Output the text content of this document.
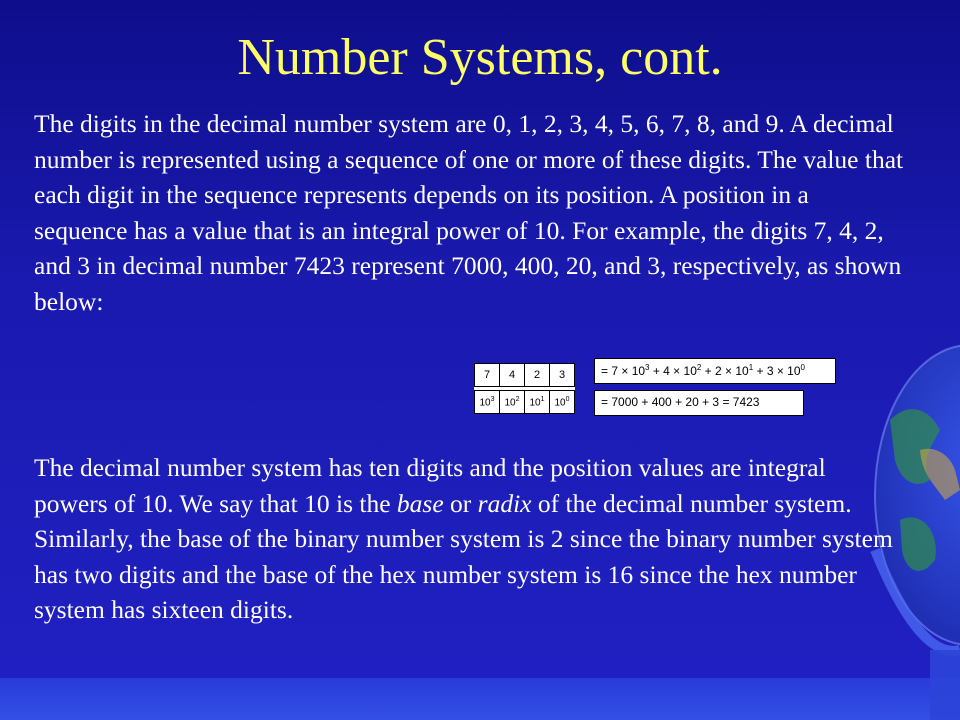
Number Systems, cont.

The digits in the decimal number system are 0, 1, 2, 3, 4, 5, 6, 7, 8, and 9. A decimal number is represented using a sequence of one or more of these digits. The value that each digit in the sequence represents depends on its position. A position in a sequence has a value that is an integral power of 10. For example, the digits 7, 4, 2, and 3 in decimal number 7423 represent 7000, 400, 20, and 3, respectively, as shown below:

7	4	2	3

$10^3$	$10^2$	$10^1$	$10^0$
= $7 \times 10^3 + 4 \times 10^2 + 2 \times 10^1 + 3 \times 10^0$
= 7000 + 400 + 20 + 3 = 7423

The decimal number system has ten digits and the position values are integral powers of 10. We say that 10 is the base or radix of the decimal number system. Similarly, the base of the binary number system is 2 since the binary number system has two digits and the base of the hex number system is 16 since the hex number system has sixteen digits.
